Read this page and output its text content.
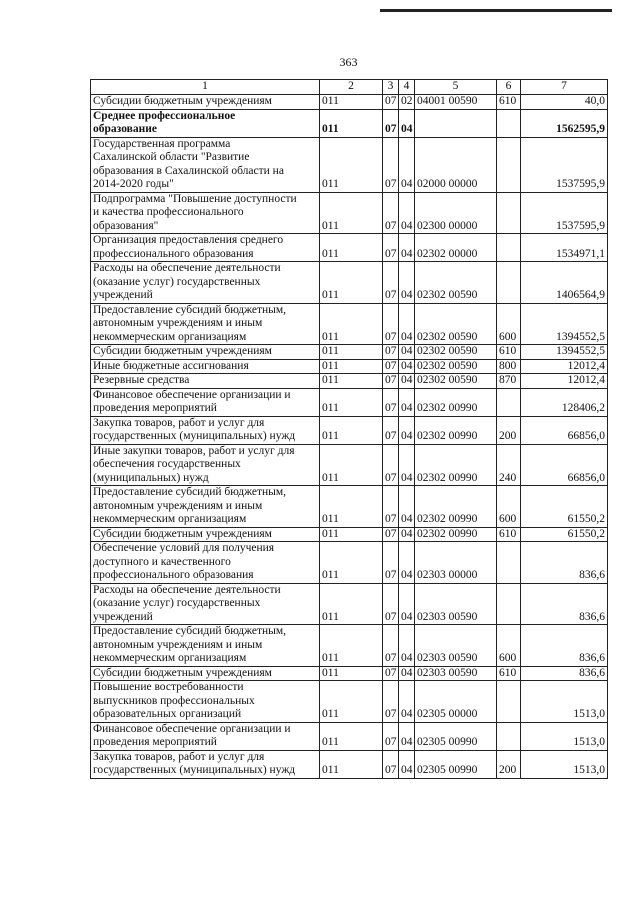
363
1	2	3	4	5	6	7
Субсидии бюджетным учреждениям	011	07	02	04001 00590	610	40,0
Среднее профессиональное
образование	011	07	04			1562595,9
Государственная программа
Сахалинской области "Развитие
образования в Сахалинской области на
2014-2020 годы"	011	07	04	02000 00000		1537595,9
Подпрограмма "Повышение доступности
и качества профессионального
образования"	011	07	04	02300 00000		1537595,9
Организация предоставления среднего
профессионального образования	011	07	04	02302 00000		1534971,1
Расходы на обеспечение деятельности
(оказание услуг) государственных
учреждений	011	07	04	02302 00590		1406564,9
Предоставление субсидий бюджетным,
автономным учреждениям и иным
некоммерческим организациям	011	07	04	02302 00590	600	1394552,5
Субсидии бюджетным учреждениям	011	07	04	02302 00590	610	1394552,5
Иные бюджетные ассигнования	011	07	04	02302 00590	800	12012,4
Резервные средства	011	07	04	02302 00590	870	12012,4
Финансовое обеспечение организации и
проведения мероприятий	011	07	04	02302 00990		128406,2
Закупка товаров, работ и услуг для
государственных (муниципальных) нужд	011	07	04	02302 00990	200	66856,0
Иные закупки товаров, работ и услуг для
обеспечения государственных
(муниципальных) нужд	011	07	04	02302 00990	240	66856,0
Предоставление субсидий бюджетным,
автономным учреждениям и иным
некоммерческим организациям	011	07	04	02302 00990	600	61550,2
Субсидии бюджетным учреждениям	011	07	04	02302 00990	610	61550,2
Обеспечение условий для получения
доступного и качественного
профессионального образования	011	07	04	02303 00000		836,6
Расходы на обеспечение деятельности
(оказание услуг) государственных
учреждений	011	07	04	02303 00590		836,6
Предоставление субсидий бюджетным,
автономным учреждениям и иным
некоммерческим организациям	011	07	04	02303 00590	600	836,6
Субсидии бюджетным учреждениям	011	07	04	02303 00590	610	836,6
Повышение востребованности
выпускников профессиональных
образовательных организаций	011	07	04	02305 00000		1513,0
Финансовое обеспечение организации и
проведения мероприятий	011	07	04	02305 00990		1513,0
Закупка товаров, работ и услуг для
государственных (муниципальных) нужд	011	07	04	02305 00990	200	1513,0
